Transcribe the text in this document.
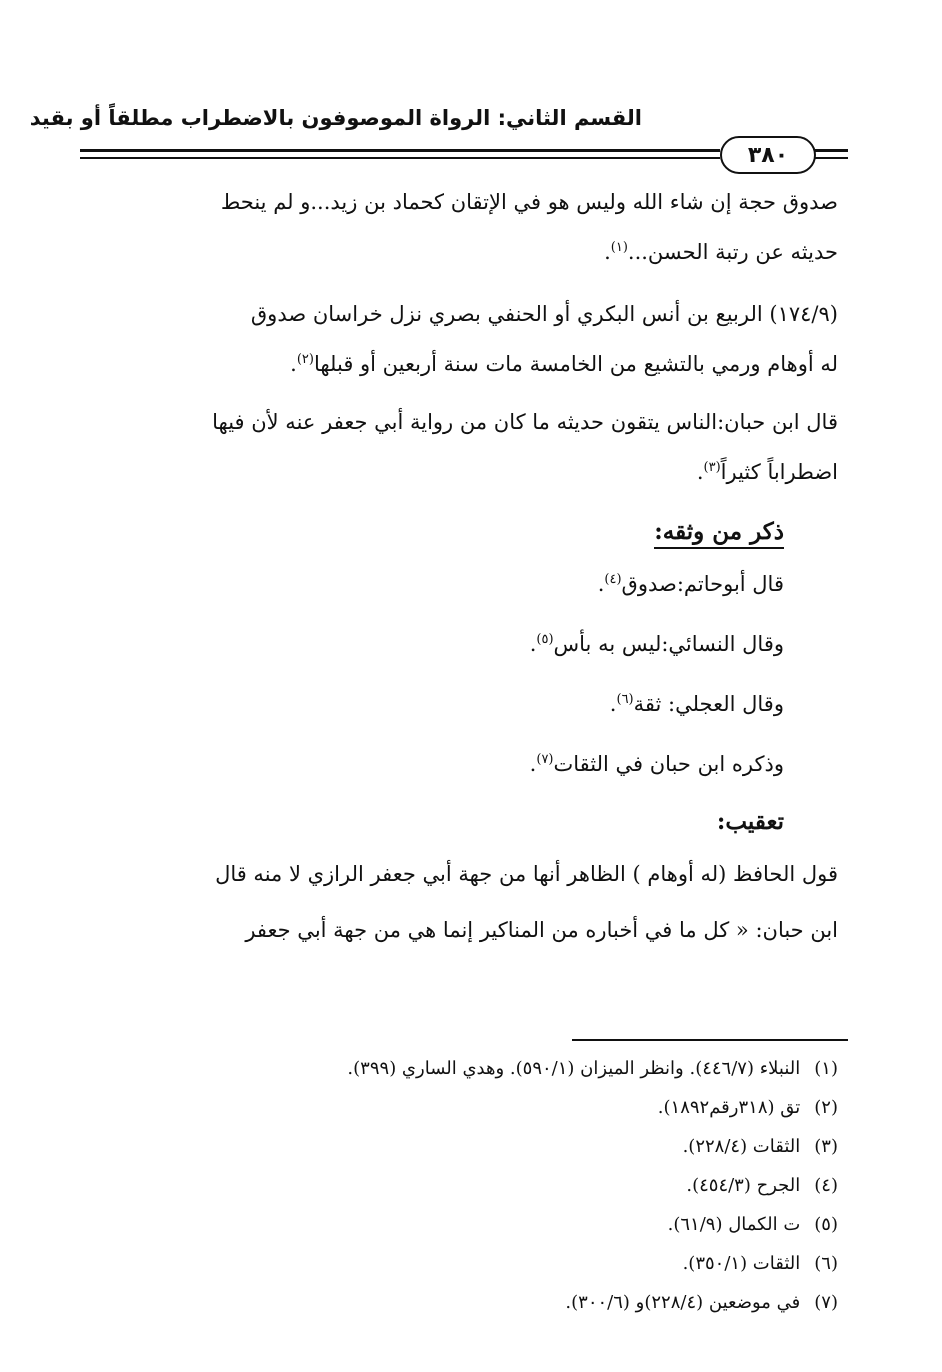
القسم الثاني: الرواة الموصوفون بالاضطراب مطلقاً أو بقيد
٣٨٠
صدوق حجة إن شاء الله وليس هو في الإتقان كحماد بن زيد...و لم ينحط
حديثه عن رتبة الحسن...$^{(١)}$.
(١٧٤/٩) الربيع بن أنس البكري أو الحنفي بصري نزل خراسان صدوق
له أوهام ورمي بالتشيع من الخامسة مات سنة أربعين أو قبلها$^{(٢)}$.
قال ابن حبان:الناس يتقون حديثه ما كان من رواية أبي جعفر عنه لأن فيها
اضطراباً كثيراً$^{(٣)}$.
ذكر من وثقه:
قال أبوحاتم:صدوق$^{(٤)}$.
وقال النسائي:ليس به بأس$^{(٥)}$.
وقال العجلي: ثقة$^{(٦)}$.
وذكره ابن حبان في الثقات$^{(٧)}$.
تعقيب:
قول الحافظ (له أوهام ) الظاهر أنها من جهة أبي جعفر الرازي لا منه قال
ابن حبان: « كل ما في أخباره من المناكير إنما هي من جهة أبي جعفر
(١)
النبلاء (٤٤٦/٧). وانظر الميزان (٥٩٠/١). وهدي الساري (٣٩٩).
(٢)
تق (٣١٨رقم١٨٩٢).
(٣)
الثقات (٢٢٨/٤).
(٤)
الجرح (٤٥٤/٣).
(٥)
ت الكمال (٦١/٩).
(٦)
الثقات (٣٥٠/١).
(٧)
في موضعين (٢٢٨/٤)و (٣٠٠/٦).
